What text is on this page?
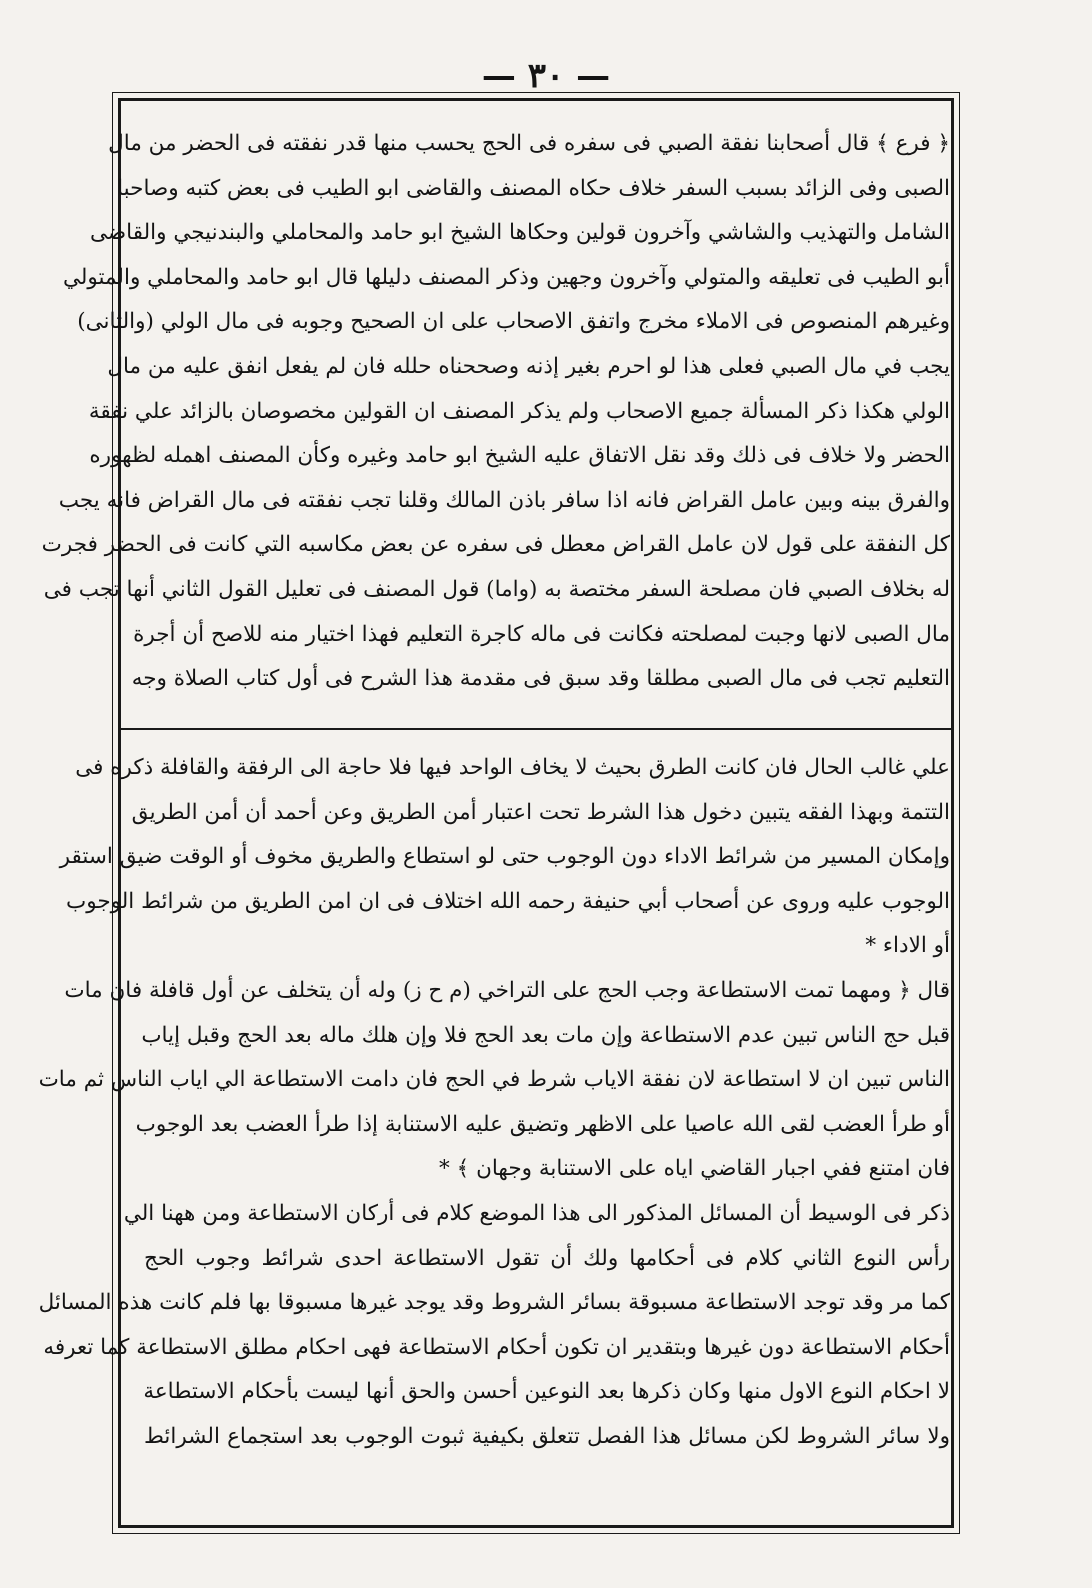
— ٣٠ —
﴿ فرع ﴾ قال أصحابنا نفقة الصبي فى سفره فى الحج يحسب منها قدر نفقته فى الحضر من مال
الصبى وفى الزائد بسبب السفر خلاف حكاه المصنف والقاضى ابو الطيب فى بعض كتبه وصاحبا
الشامل والتهذيب والشاشي وآخرون قولين وحكاها الشيخ ابو حامد والمحاملي والبندنيجي والقاضى
أبو الطيب فى تعليقه والمتولي وآخرون وجهين وذكر المصنف دليلها قال ابو حامد والمحاملي والمتولي
وغيرهم المنصوص فى الاملاء مخرج واتفق الاصحاب على ان الصحيح وجوبه فى مال الولي (والثانى)
يجب في مال الصبي فعلى هذا لو احرم بغير إذنه وصححناه حلله فان لم يفعل انفق عليه من مال
الولي هكذا ذكر المسألة جميع الاصحاب ولم يذكر المصنف ان القولين مخصوصان بالزائد علي نفقة
الحضر ولا خلاف فى ذلك وقد نقل الاتفاق عليه الشيخ ابو حامد وغيره وكأن المصنف اهمله لظهوره
والفرق بينه وبين عامل القراض فانه اذا سافر باذن المالك وقلنا تجب نفقته فى مال القراض فانه يجب
كل النفقة على قول لان عامل القراض معطل فى سفره عن بعض مكاسبه التي كانت فى الحضر فجرت
له بخلاف الصبي فان مصلحة السفر مختصة به (واما) قول المصنف فى تعليل القول الثاني أنها تجب فى
مال الصبى لانها وجبت لمصلحته فكانت فى ماله كاجرة التعليم فهذا اختيار منه للاصح أن أجرة
التعليم تجب فى مال الصبى مطلقا وقد سبق فى مقدمة هذا الشرح فى أول كتاب الصلاة وجه
علي غالب الحال فان كانت الطرق بحيث لا يخاف الواحد فيها فلا حاجة الى الرفقة والقافلة ذكره فى
التتمة وبهذا الفقه يتبين دخول هذا الشرط تحت اعتبار أمن الطريق وعن أحمد أن أمن الطريق
وإمكان المسير من شرائط الاداء دون الوجوب حتى لو استطاع والطريق مخوف أو الوقت ضيق استقر
الوجوب عليه وروى عن أصحاب أبي حنيفة رحمه الله اختلاف فى ان امن الطريق من شرائط الوجوب
أو الاداء *
قال ﴿ ومهما تمت الاستطاعة وجب الحج على التراخي (م ح ز) وله أن يتخلف عن أول قافلة فان مات
قبل حج الناس تبين عدم الاستطاعة وإن مات بعد الحج فلا وإن هلك ماله بعد الحج وقبل إياب
الناس تبين ان لا استطاعة لان نفقة الاياب شرط في الحج فان دامت الاستطاعة الي اياب الناس ثم مات
أو طرأ العضب لقى الله عاصيا على الاظهر وتضيق عليه الاستنابة إذا طرأ العضب بعد الوجوب
فان امتنع ففي اجبار القاضي اياه على الاستنابة وجهان ﴾ *
ذكر فى الوسيط أن المسائل المذكور الى هذا الموضع كلام فى أركان الاستطاعة ومن ههنا الي
رأس النوع الثاني كلام فى أحكامها ولك أن تقول الاستطاعة احدى شرائط وجوب الحج
كما مر وقد توجد الاستطاعة مسبوقة بسائر الشروط وقد يوجد غيرها مسبوقا بها فلم كانت هذه المسائل
أحكام الاستطاعة دون غيرها وبتقدير ان تكون أحكام الاستطاعة فهى احكام مطلق الاستطاعة كما تعرفه
لا احكام النوع الاول منها وكان ذكرها بعد النوعين أحسن والحق أنها ليست بأحكام الاستطاعة
ولا سائر الشروط لكن مسائل هذا الفصل تتعلق بكيفية ثبوت الوجوب بعد استجماع الشرائط
